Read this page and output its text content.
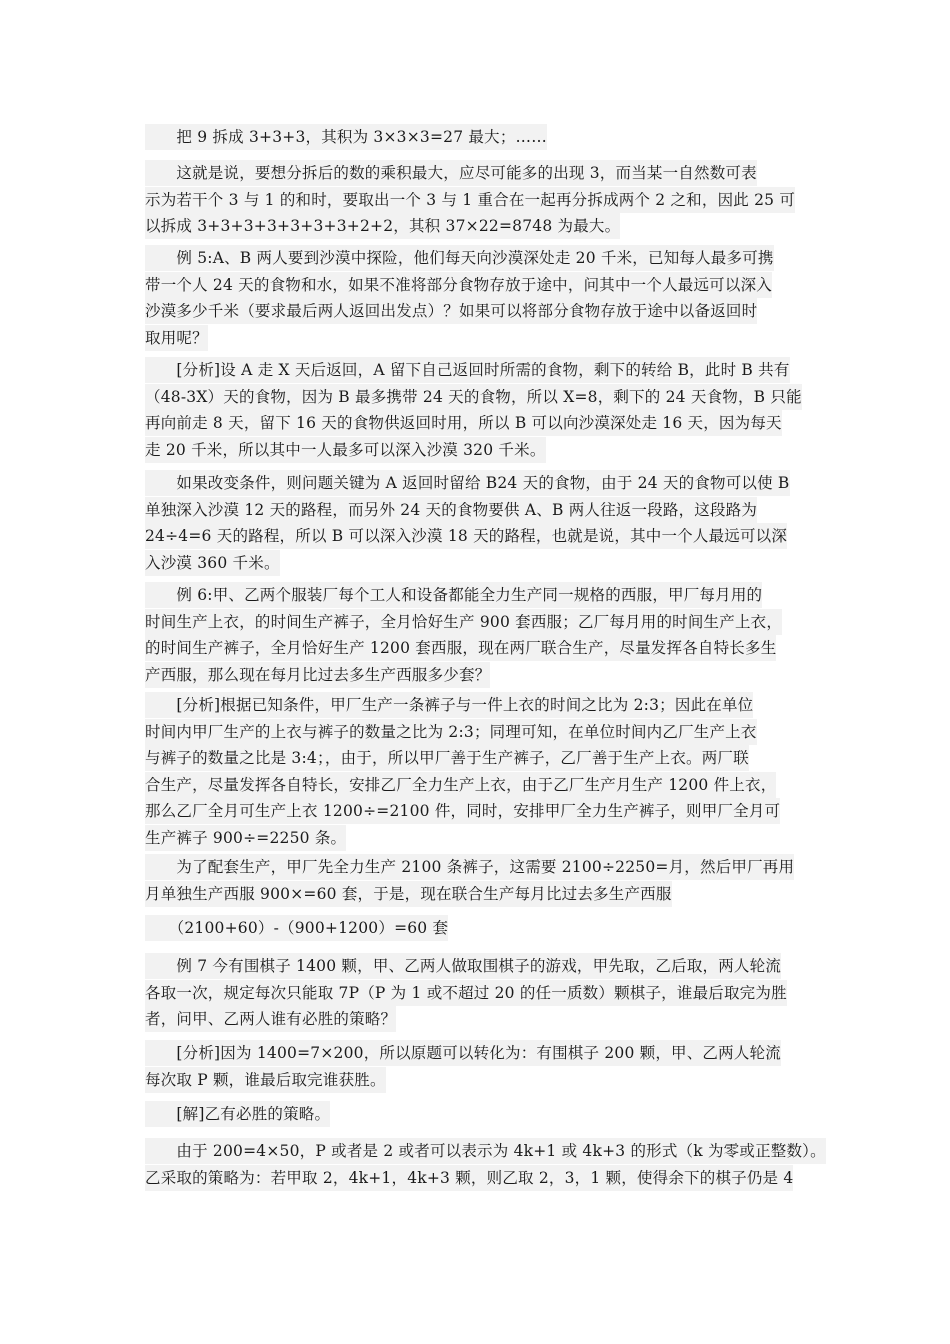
　　把 9 拆成 3+3+3，其积为 3×3×3=27 最大；……
　　这就是说，要想分拆后的数的乘积最大，应尽可能多的出现 3，而当某一自然数可表
示为若干个 3 与 1 的和时，要取出一个 3 与 1 重合在一起再分拆成两个 2 之和，因此 25 可
以拆成 3+3+3+3+3+3+3+2+2，其积 37×22=8748 为最大。
　　例 5:A、B 两人要到沙漠中探险，他们每天向沙漠深处走 20 千米，已知每人最多可携
带一个人 24 天的食物和水，如果不准将部分食物存放于途中，问其中一个人最远可以深入
沙漠多少千米（要求最后两人返回出发点）？如果可以将部分食物存放于途中以备返回时
取用呢？
　　[分析]设 A 走 X 天后返回，A 留下自己返回时所需的食物，剩下的转给 B，此时 B 共有
（48-3X）天的食物，因为 B 最多携带 24 天的食物，所以 X=8，剩下的 24 天食物，B 只能
再向前走 8 天，留下 16 天的食物供返回时用，所以 B 可以向沙漠深处走 16 天，因为每天
走 20 千米，所以其中一人最多可以深入沙漠 320 千米。
　　如果改变条件，则问题关键为 A 返回时留给 B24 天的食物，由于 24 天的食物可以使 B
单独深入沙漠 12 天的路程，而另外 24 天的食物要供 A、B 两人往返一段路，这段路为
24÷4=6 天的路程，所以 B 可以深入沙漠 18 天的路程，也就是说，其中一个人最远可以深
入沙漠 360 千米。
　　例 6:甲、乙两个服装厂每个工人和设备都能全力生产同一规格的西服，甲厂每月用的
时间生产上衣，的时间生产裤子，全月恰好生产 900 套西服；乙厂每月用的时间生产上衣，
的时间生产裤子，全月恰好生产 1200 套西服，现在两厂联合生产，尽量发挥各自特长多生
产西服，那么现在每月比过去多生产西服多少套？
　　[分析]根据已知条件，甲厂生产一条裤子与一件上衣的时间之比为 2:3；因此在单位
时间内甲厂生产的上衣与裤子的数量之比为 2:3；同理可知，在单位时间内乙厂生产上衣
与裤子的数量之比是 3:4；，由于，所以甲厂善于生产裤子，乙厂善于生产上衣。两厂联
合生产，尽量发挥各自特长，安排乙厂全力生产上衣，由于乙厂生产月生产 1200 件上衣，
那么乙厂全月可生产上衣 1200÷=2100 件，同时，安排甲厂全力生产裤子，则甲厂全月可
生产裤子 900÷=2250 条。
　　为了配套生产，甲厂先全力生产 2100 条裤子，这需要 2100÷2250=月，然后甲厂再用
月单独生产西服 900×=60 套，于是，现在联合生产每月比过去多生产西服
　　（2100+60）-（900+1200）=60 套
　　例 7 今有围棋子 1400 颗，甲、乙两人做取围棋子的游戏，甲先取，乙后取，两人轮流
各取一次，规定每次只能取 7P（P 为 1 或不超过 20 的任一质数）颗棋子，谁最后取完为胜
者，问甲、乙两人谁有必胜的策略？
　　[分析]因为 1400=7×200，所以原题可以转化为：有围棋子 200 颗，甲、乙两人轮流
每次取 P 颗，谁最后取完谁获胜。
　　[解]乙有必胜的策略。
　　由于 200=4×50，P 或者是 2 或者可以表示为 4k+1 或 4k+3 的形式（k 为零或正整数）。
乙采取的策略为：若甲取 2，4k+1，4k+3 颗，则乙取 2，3，1 颗，使得余下的棋子仍是 4
